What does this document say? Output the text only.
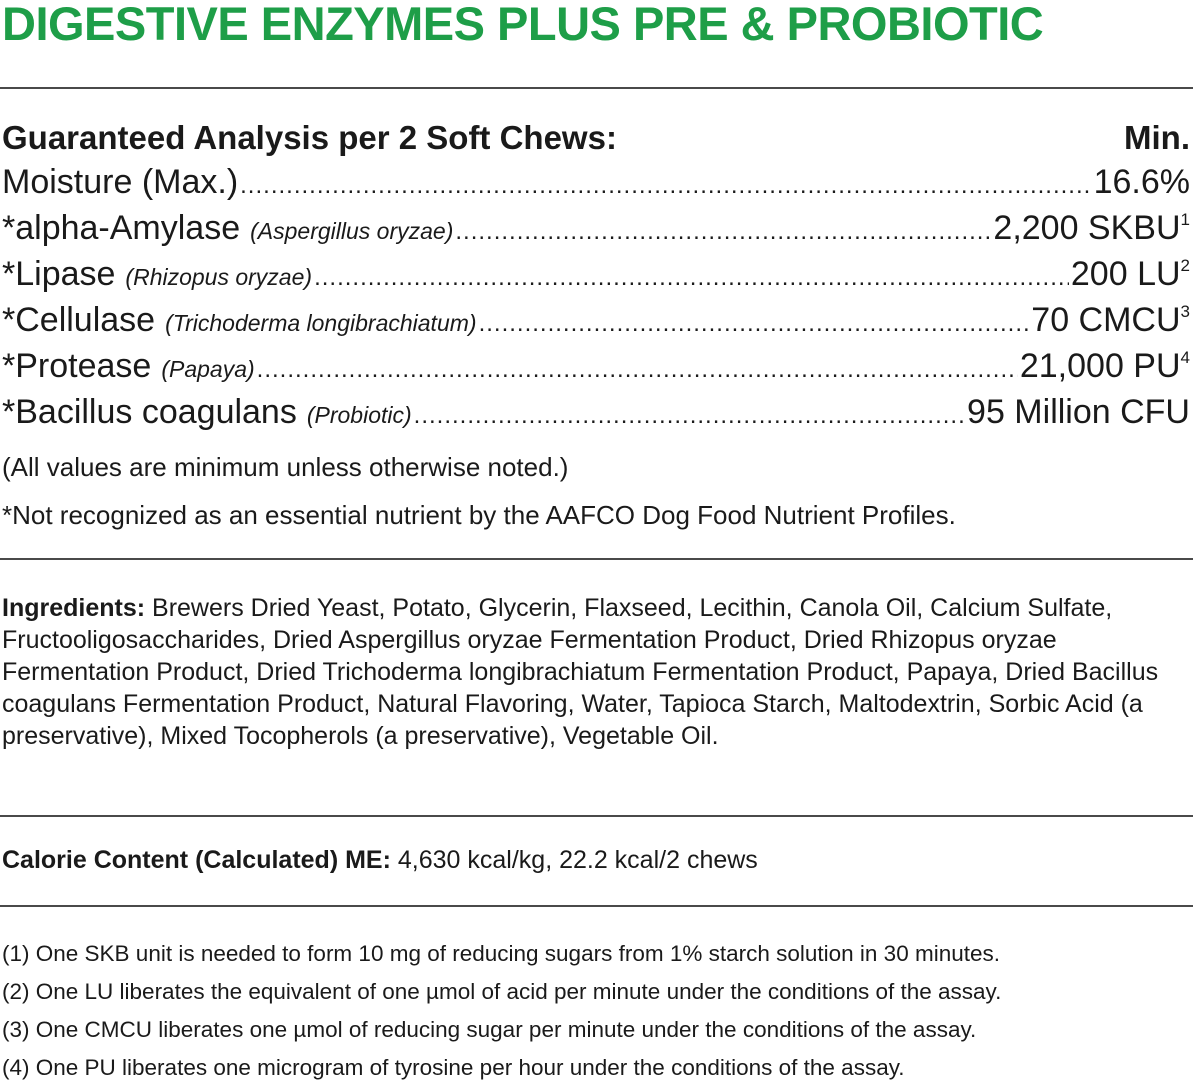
DIGESTIVE ENZYMES PLUS PRE & PROBIOTIC
Guaranteed Analysis per 2 Soft Chews:	Min.
Moisture (Max.) .....	16.6%
*alpha-Amylase (Aspergillus oryzae) .....	2,200 SKBU$^1$
*Lipase (Rhizopus oryzae) .....	200 $LU^2$
*Cellulase (Trichoderma longibrachiatum) .....	70 CMCU$^3$
*Protease (Papaya) .....	21,000 $PU^4$
*Bacillus coagulans (Probiotic) .....	95 Million CFU
(All values are minimum unless otherwise noted.)
*Not recognized as an essential nutrient by the AAFCO Dog Food Nutrient Profiles.
Ingredients: Brewers Dried Yeast, Potato, Glycerin, Flaxseed, Lecithin, Canola Oil, Calcium Sulfate, Fructooligosaccharides, Dried Aspergillus oryzae Fermentation Product, Dried Rhizopus oryzae Fermentation Product, Dried Trichoderma longibrachiatum Fermentation Product, Papaya, Dried Bacillus coagulans Fermentation Product, Natural Flavoring, Water, Tapioca Starch, Maltodextrin, Sorbic Acid (a preservative), Mixed Tocopherols (a preservative), Vegetable Oil.
Calorie Content (Calculated) ME: 4,630 kcal/kg, 22.2 kcal/2 chews
(1) One SKB unit is needed to form 10 mg of reducing sugars from 1% starch solution in 30 minutes.
(2) One LU liberates the equivalent of one µmol of acid per minute under the conditions of the assay.
(3) One CMCU liberates one µmol of reducing sugar per minute under the conditions of the assay.
(4) One PU liberates one microgram of tyrosine per hour under the conditions of the assay.
